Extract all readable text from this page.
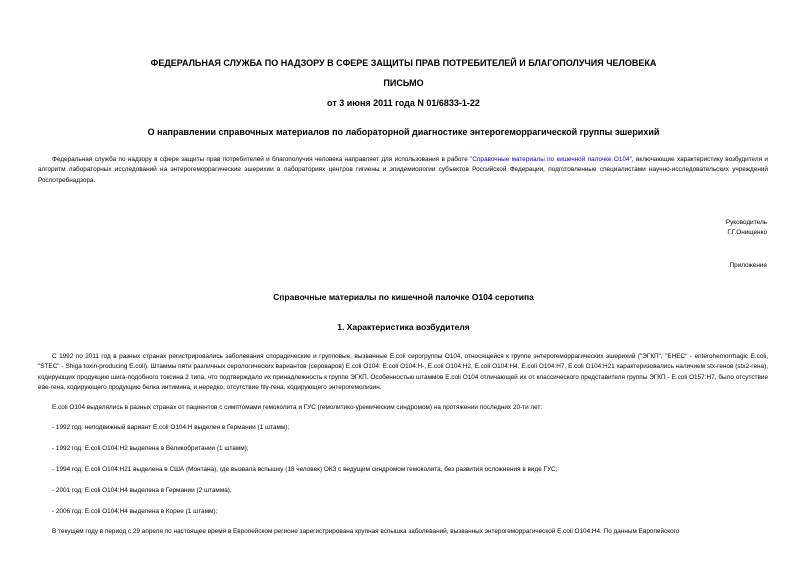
ФЕДЕРАЛЬНАЯ СЛУЖБА ПО НАДЗОРУ В СФЕРЕ ЗАЩИТЫ ПРАВ ПОТРЕБИТЕЛЕЙ И БЛАГОПОЛУЧИЯ ЧЕЛОВЕКА
ПИСЬМО
от 3 июня 2011 года N 01/6833-1-22
О направлении справочных материалов по лабораторной диагностике энтерогеморрагической группы эшерихий
Федеральная служба по надзору в сфере защиты прав потребителей и благополучия человека направляет для использования в работе "Справочные материалы по кишечной палочке О104", включающие характеристику возбудителя и алгоритм лабораторных исследований на энтерогеморрагические эшерихии в лабораториях центров гигиены и эпидемиологии субъектов Российской Федерации, подготовленные специалистами научно-исследовательских учреждений Роспотребнадзора.
Руководитель
Г.Г.Онищенко
Приложение
Справочные материалы по кишечной палочке О104 серотипа
1. Характеристика возбудителя
С 1992 по 2011 год в разных странах регистрировались заболевания спорадические и групповые, вызванные E.coli серогруппы O104, относящейся к группе энтерогеморрагических эшерихий ("ЭГКП", "EHEC" - enterohemorrhagic E.coli, "STEC" - Shiga toxin-producing E.coli). Штаммы пяти различных серологических вариантов (сероваров) E.coli O104: E.coli O104:H-, E.coli O104:H2, E.coli O104:H4, E.coli O104:H7, E.coli O104:H21 характеризовались наличием stx-генов (stx2-гена), кодирующих продукцию шига-подобного токсина 2 типа, что подтверждало их принадлежность к группе ЭГКП. Особенностью штаммов E.coli O104 отличающей их от классического представителя группы ЭГКП - E.coli O157:H7, было отсутствие eae-гена, кодирующего продукцию белка интимина, и нередко, отсутствие hly-гена, кодирующего энтерогемолизин.
E.coli O104 выделялись в разных странах от пациентов с симптомами гемоколита и ГУС (гемолитико-уремическим синдромом) на протяжении последних 20-ти лет:
- 1992 год: неподвижный вариант E.coli O104:H выделен в Германии (1 штамм);
- 1992 год: E.coli O104:H2 выделена в Великобритании (1 штамм);
- 1994 год: E.coli O104:H21 выделена в США (Монтана), где вызвала вспышку (18 человек) ОКЗ с ведущим синдромом гемоколита, без развития осложнения в виде ГУС;
- 2001 год: E.coli O104:H4 выделена в Германии (2 штамма);
- 2006 год: E.coli O104:H4 выделена в Корее (1 штамм);
В текущем году в период с 29 апреля по настоящее время в Европейском регионе зарегистрирована крупная вспышка заболеваний, вызванных энтерогеморрагической E.coli O104:H4. По данным Европейского
